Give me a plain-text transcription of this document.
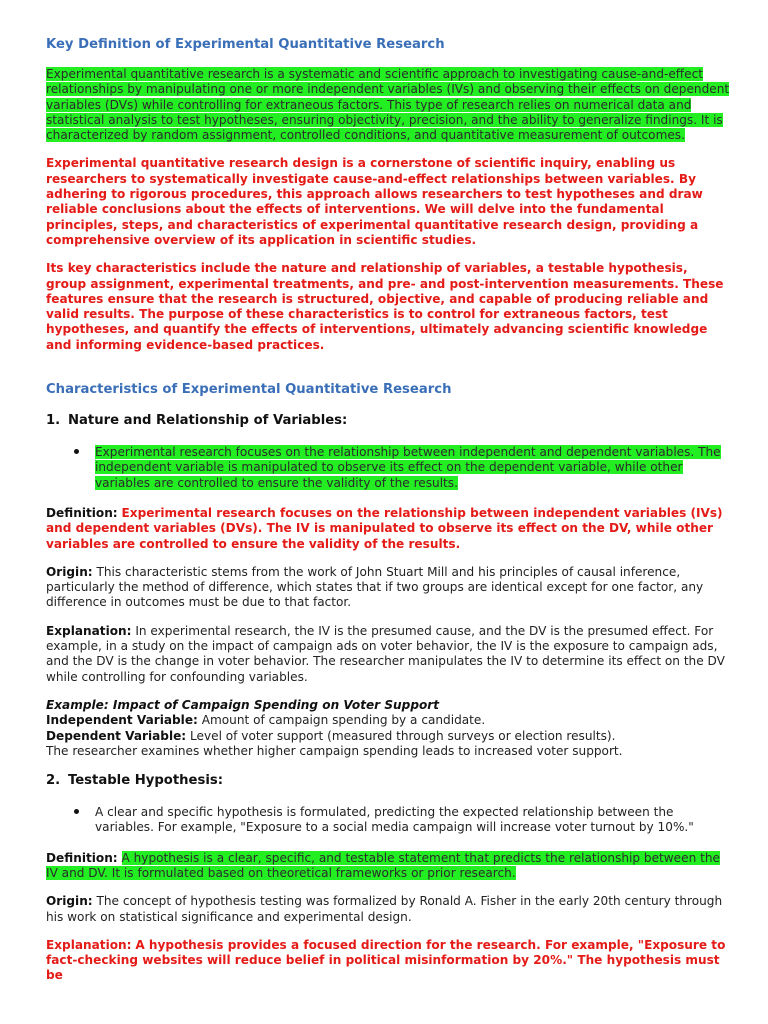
Key Definition of Experimental Quantitative Research

Experimental quantitative research is a systematic and scientific approach to investigating cause-and-effect relationships by manipulating one or more independent variables (IVs) and observing their effects on dependent variables (DVs) while controlling for extraneous factors. This type of research relies on numerical data and statistical analysis to test hypotheses, ensuring objectivity, precision, and the ability to generalize findings. It is characterized by random assignment, controlled conditions, and quantitative measurement of outcomes.

Experimental quantitative research design is a cornerstone of scientific inquiry, enabling us researchers to systematically investigate cause-and-effect relationships between variables. By adhering to rigorous procedures, this approach allows researchers to test hypotheses and draw reliable conclusions about the effects of interventions. We will delve into the fundamental principles, steps, and characteristics of experimental quantitative research design, providing a comprehensive overview of its application in scientific studies.

Its key characteristics include the nature and relationship of variables, a testable hypothesis, group assignment, experimental treatments, and pre- and post-intervention measurements. These features ensure that the research is structured, objective, and capable of producing reliable and valid results. The purpose of these characteristics is to control for extraneous factors, test hypotheses, and quantify the effects of interventions, ultimately advancing scientific knowledge and informing evidence-based practices.

Characteristics of Experimental Quantitative Research
1. Nature and Relationship of Variables:
Experimental research focuses on the relationship between independent and dependent variables. The independent variable is manipulated to observe its effect on the dependent variable, while other variables are controlled to ensure the validity of the results.

Definition: Experimental research focuses on the relationship between independent variables (IVs) and dependent variables (DVs). The IV is manipulated to observe its effect on the DV, while other variables are controlled to ensure the validity of the results.

Origin: This characteristic stems from the work of John Stuart Mill and his principles of causal inference, particularly the method of difference, which states that if two groups are identical except for one factor, any difference in outcomes must be due to that factor.

Explanation: In experimental research, the IV is the presumed cause, and the DV is the presumed effect. For example, in a study on the impact of campaign ads on voter behavior, the IV is the exposure to campaign ads, and the DV is the change in voter behavior. The researcher manipulates the IV to determine its effect on the DV while controlling for confounding variables.

Example: Impact of Campaign Spending on Voter Support

Independent Variable: Amount of campaign spending by a candidate.

Dependent Variable: Level of voter support (measured through surveys or election results).

The researcher examines whether higher campaign spending leads to increased voter support.

2. Testable Hypothesis:
A clear and specific hypothesis is formulated, predicting the expected relationship between the variables. For example, "Exposure to a social media campaign will increase voter turnout by 10%."

Definition: A hypothesis is a clear, specific, and testable statement that predicts the relationship between the IV and DV. It is formulated based on theoretical frameworks or prior research.

Origin: The concept of hypothesis testing was formalized by Ronald A. Fisher in the early 20th century through his work on statistical significance and experimental design.

Explanation: A hypothesis provides a focused direction for the research. For example, "Exposure to fact-checking websites will reduce belief in political misinformation by 20%." The hypothesis must be
